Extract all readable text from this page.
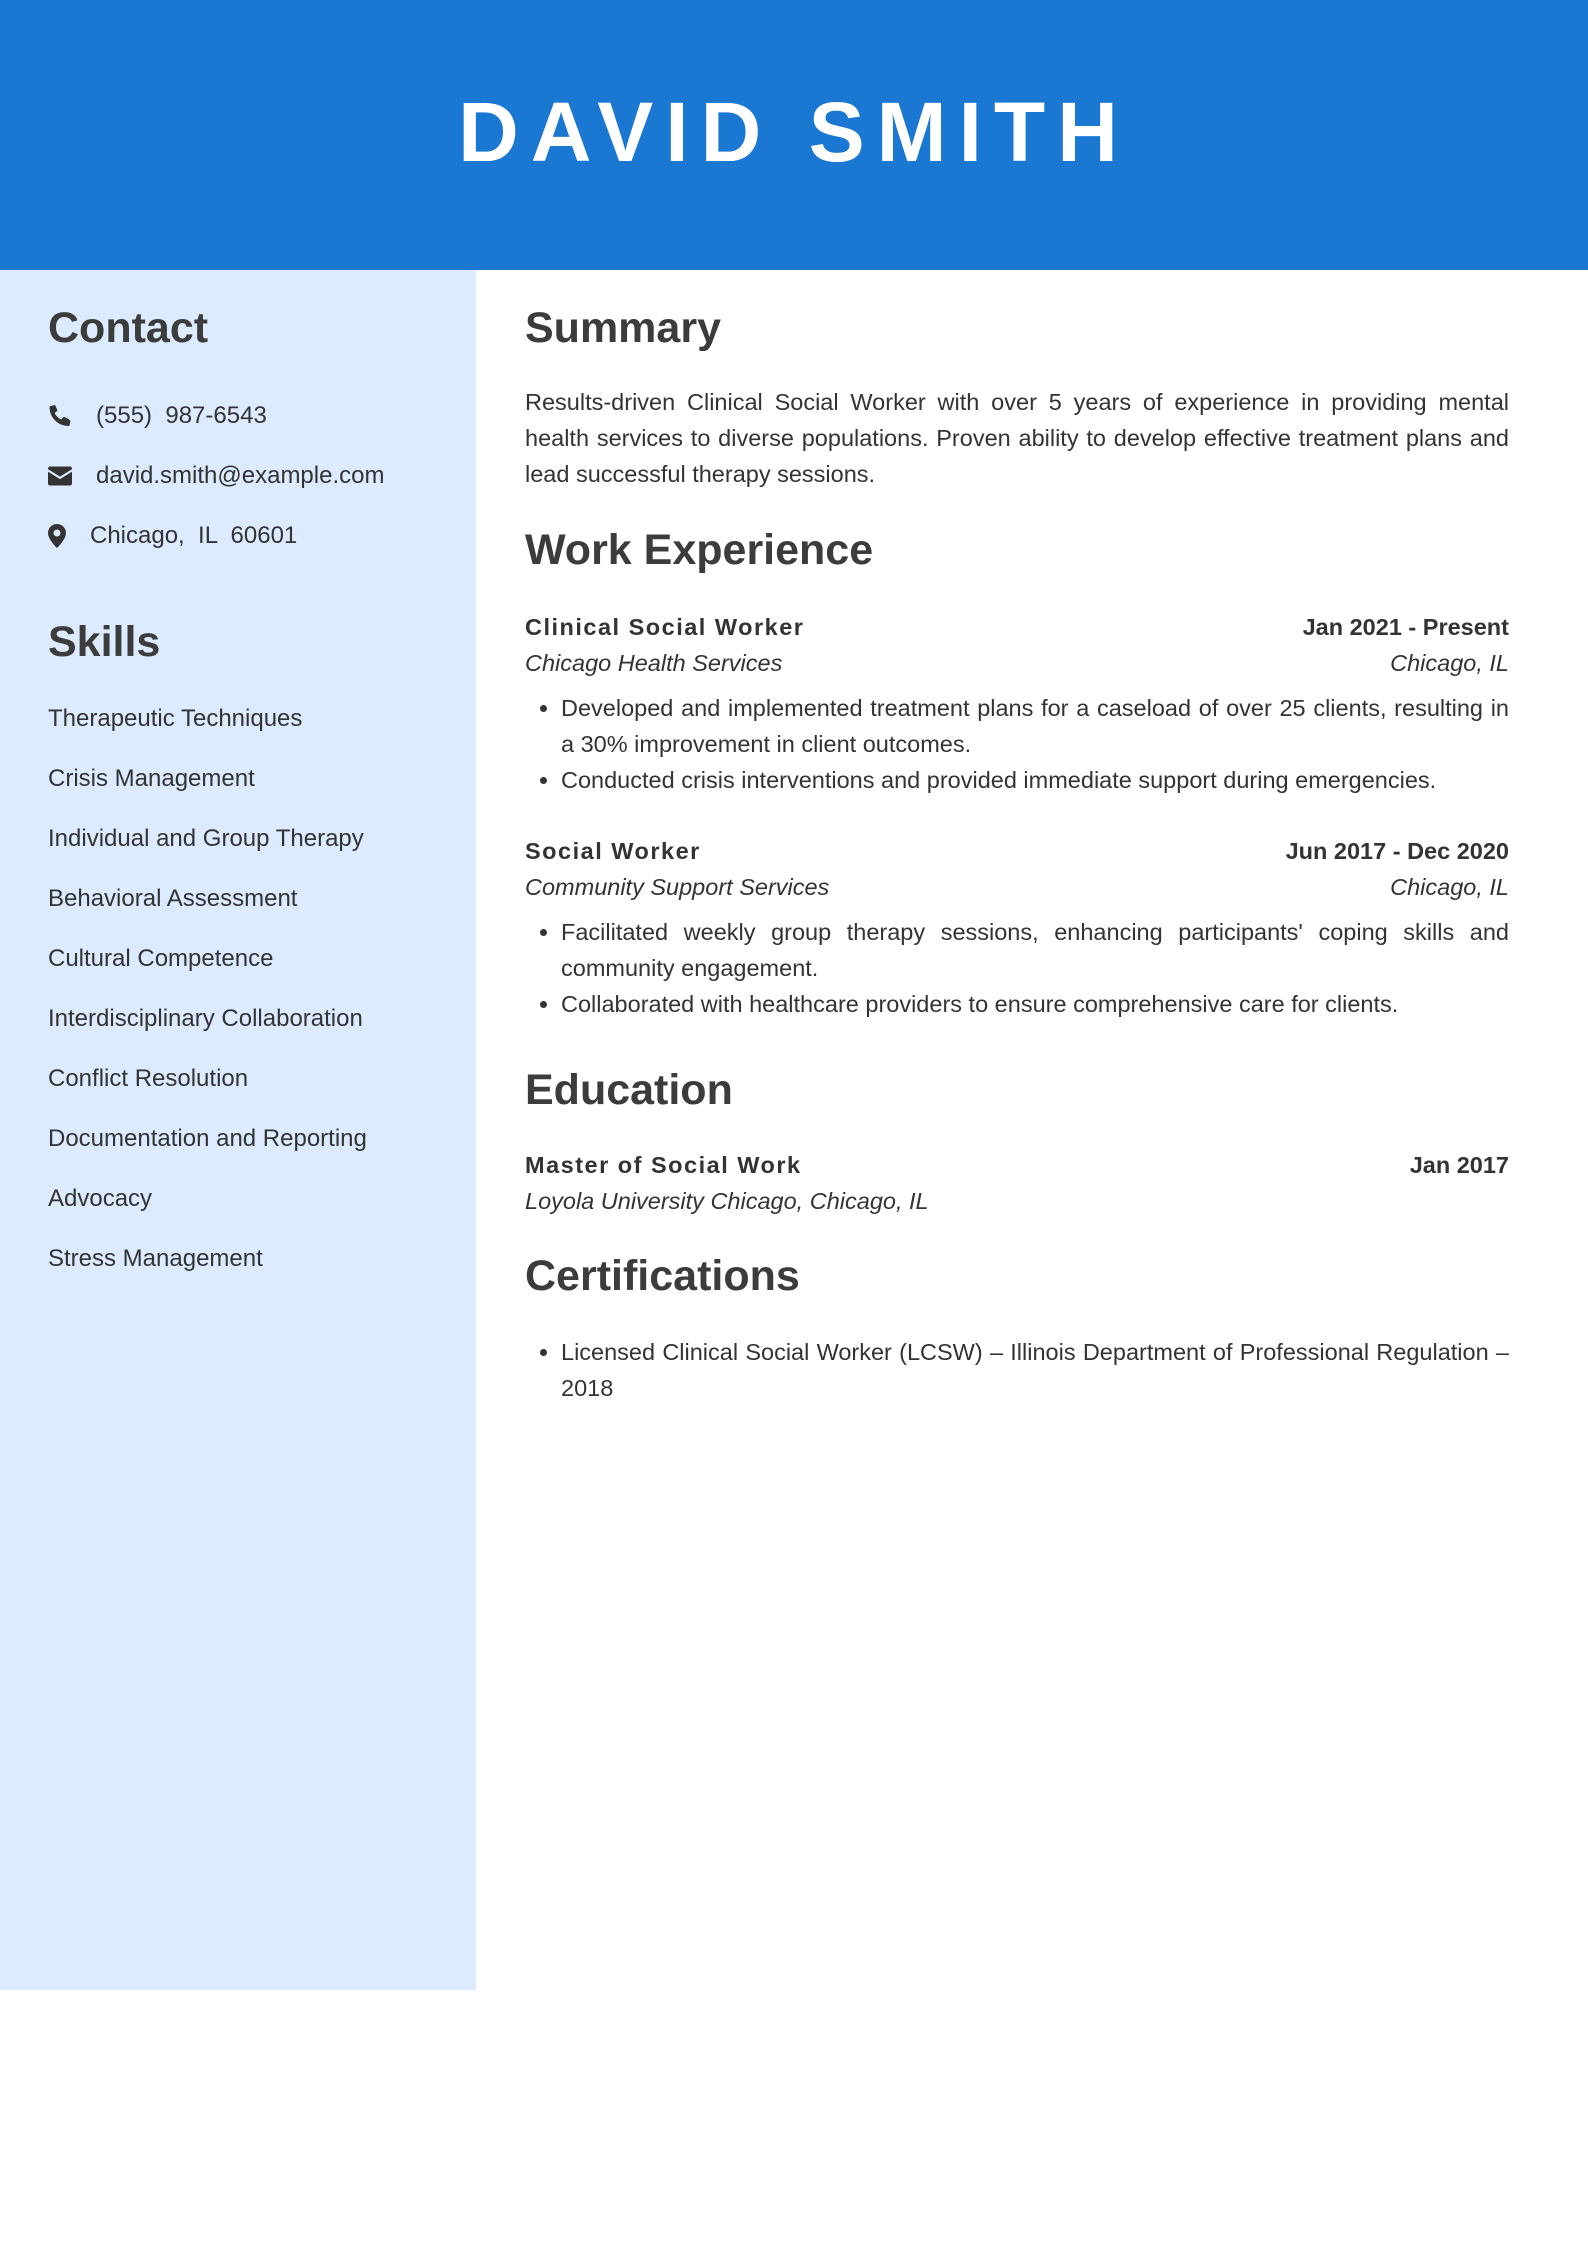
DAVID SMITH
Contact
(555)  987-6543
david.smith@example.com
Chicago,  IL  60601
Skills
Therapeutic Techniques
Crisis Management
Individual and Group Therapy
Behavioral Assessment
Cultural Competence
Interdisciplinary Collaboration
Conflict Resolution
Documentation and Reporting
Advocacy
Stress Management
Summary
Results-driven Clinical Social Worker with over 5 years of experience in providing mental health services to diverse populations. Proven ability to develop effective treatment plans and lead successful therapy sessions.
Work Experience
Clinical Social Worker	Jan 2021 - Present
Chicago Health Services	Chicago, IL
• Developed and implemented treatment plans for a caseload of over 25 clients, resulting in a 30% improvement in client outcomes.
• Conducted crisis interventions and provided immediate support during emergencies.
Social Worker	Jun 2017 - Dec 2020
Community Support Services	Chicago, IL
• Facilitated weekly group therapy sessions, enhancing participants' coping skills and community engagement.
• Collaborated with healthcare providers to ensure comprehensive care for clients.
Education
Master of Social Work	Jan 2017
Loyola University Chicago, Chicago, IL
Certifications
• Licensed Clinical Social Worker (LCSW) – Illinois Department of Professional Regulation – 2018
